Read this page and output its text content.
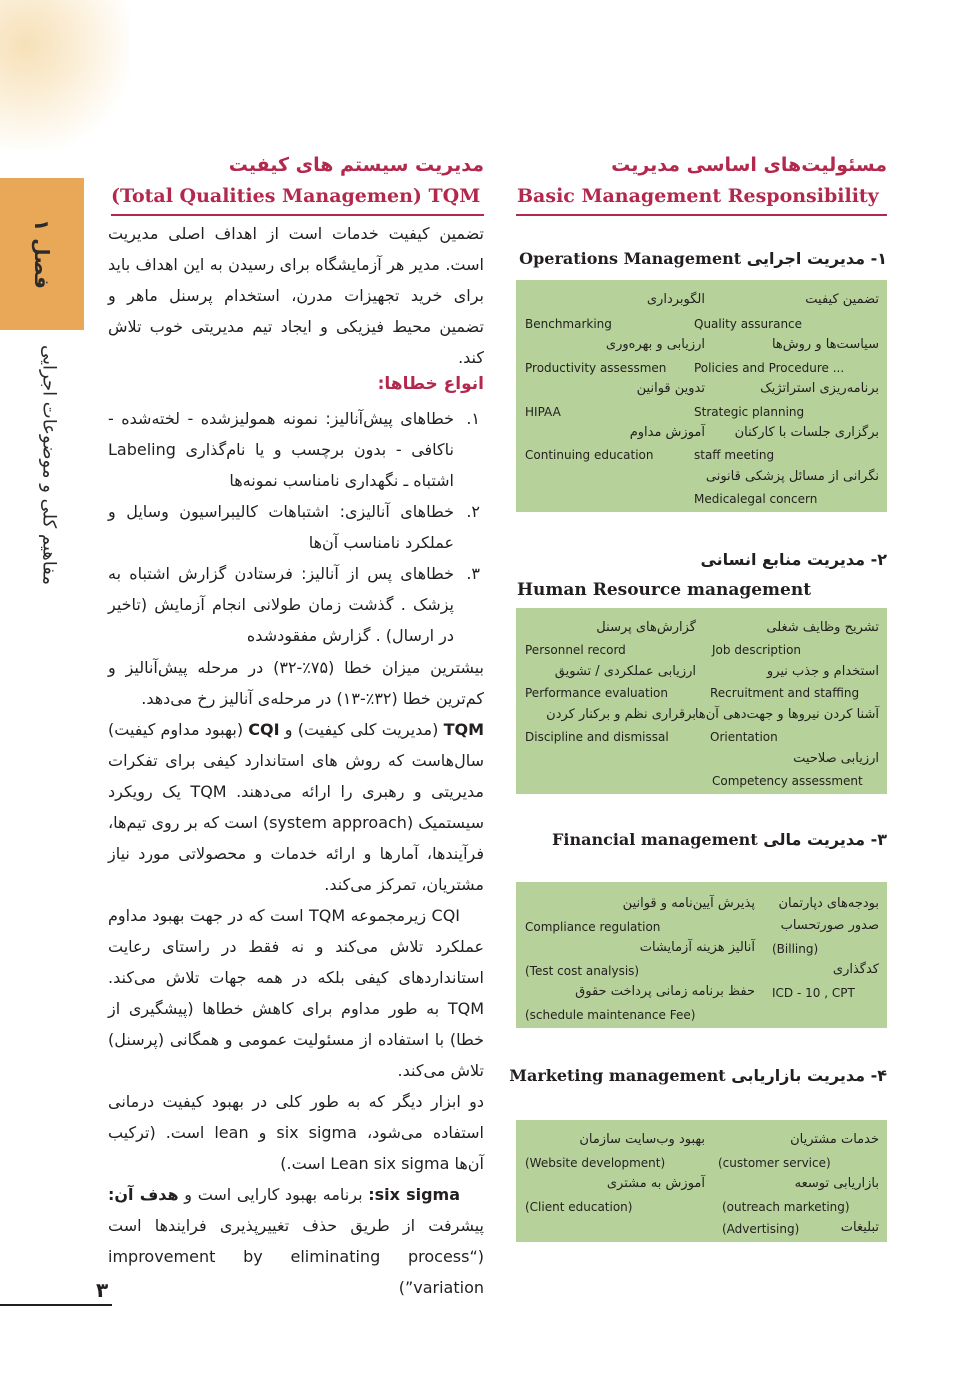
فصل ۱
مفاهیم کلی و موضوعات اجرایی
مسئولیت‌های اساسی مدیریت
Basic Management Responsibility
مدیریت سیستم های کیفیت
(Total Qualities Managemen) TQM

تضمین کیفیت خدمات است از اهداف اصلی مدیریت است. مدیر هر آزمایشگاه برای رسیدن به این اهداف باید برای خرید تجهیزات مدرن، استخدام پرسنل ماهر و تضمین محیط فیزیکی و ایجاد تیم مدیریتی خوب تلاش کند.

انواع خطاها:
۱.
خطاهای پیش‌آنالیز: نمونه همولیزشده - لخته‌شده - ناکافی - بدون برچسب و یا نام‌گذاری Labeling اشتباه ـ نگهداری نامناسب نمونه‌ها
۲.
خطاهای آنالیزی: اشتباهات کالیبراسیون وسایل و عملکرد نامناسب آن‌ها
۳.
خطاهای پس از آنالیز: فرستادن گزارش اشتباه به پزشک . گذشت زمان طولانی انجام آزمایش (تاخیر در ارسال) . گزارش مفقودشده

بیشترین میزان خطا (۷۵٪-۳۲) در مرحله پیش‌آنالیز و کم‌ترین خطا (۳۲٪-۱۳) در مرحله‌ی آنالیز رخ می‌دهد.

TQM (مدیریت کلی کیفیت) و CQI (بهبود مداوم کیفیت) سال‌هاست که روش های استاندارد کیفی برای تفکرات مدیریتی و رهبری را ارائه می‌دهند. TQM یک رویکرد سیستمیک (system approach) است که بر روی تیم‌ها، فرآیندها، آمارها و ارائه خدمات و محصولاتی مورد نیاز مشتریان، تمرکز می‌کند.

CQI زیرمجموعه TQM است که در جهت بهبود مداوم عملکرد تلاش می‌کند و نه فقط در راستای رعایت استانداردهای کیفی بلکه در همه جهات تلاش می‌کند. TQM به طور مداوم برای کاهش خطاها (پیشگیری از خطا) با استفاده از مسئولیت عمومی و همگانی (پرسنل) تلاش می‌کند.

دو ابزار دیگر که به طور کلی در بهبود کیفیت درمانی استفاده می‌شود، six sigma و lean است. (ترکیب آن‌ها Lean six sigma است.)

six sigma: برنامه بهبود کارایی است و هدف آن: پیشرفت از طریق حذف تغییرپذیری فرایندها است (“improvement by eliminating process variation”)

۱- مدیریت اجرایی Operations Management
تضمین کیفیت
Quality assurance
سیاست‌ها و روش‌ها
Policies and Procedure ...
برنامه‌ریزی استراتژیک
Strategic planning
برگزاری جلسات با کارکنان
staff meeting
نگرانی از مسائل پزشکی قانونی
Medicalegal concern
الگوبرداری
Benchmarking
ارزیابی و بهره‌وری
Productivity assessmen
تدوین قوانین
HIPAA
آموزش مداوم
Continuing education
۲- مدیریت منابع انسانی
Human Resource management
تشریح وظایف شغلی
Job description
استخدام و جذب نیرو
Recruitment and staffing
آشنا کردن نیروها و جهت‌دهی آن‌ها
Orientation
ارزیابی صلاحیت
Competency assessment
گزارش‌های پرسنل
Personnel record
ارزیابی عملکردی / تشویق
Performance evaluation
برقراری نظم و برکنار کردن
Discipline and dismissal
۳- مدیریت مالی Financial management
بودجه‌های دپارتمان
صدور صورتحساب
(Billing)
کدگذاری
ICD - 10 , CPT
پذیرش آیین‌نامه و قوانین
Compliance regulation
آنالیز هزینه آزمایشات
(Test cost analysis)
حفظ برنامه زمانی پرداخت حقوق
(schedule maintenance Fee)
۴- مدیریت بازاریابی Marketing management
خدمات مشتریان
(customer service)
بازاریابی توسعه
(outreach marketing)
تبلیغات
(Advertising)
بهبود وب‌سایت سازمان
(Website development)
آموزش به مشتری
(Client education)
۳
